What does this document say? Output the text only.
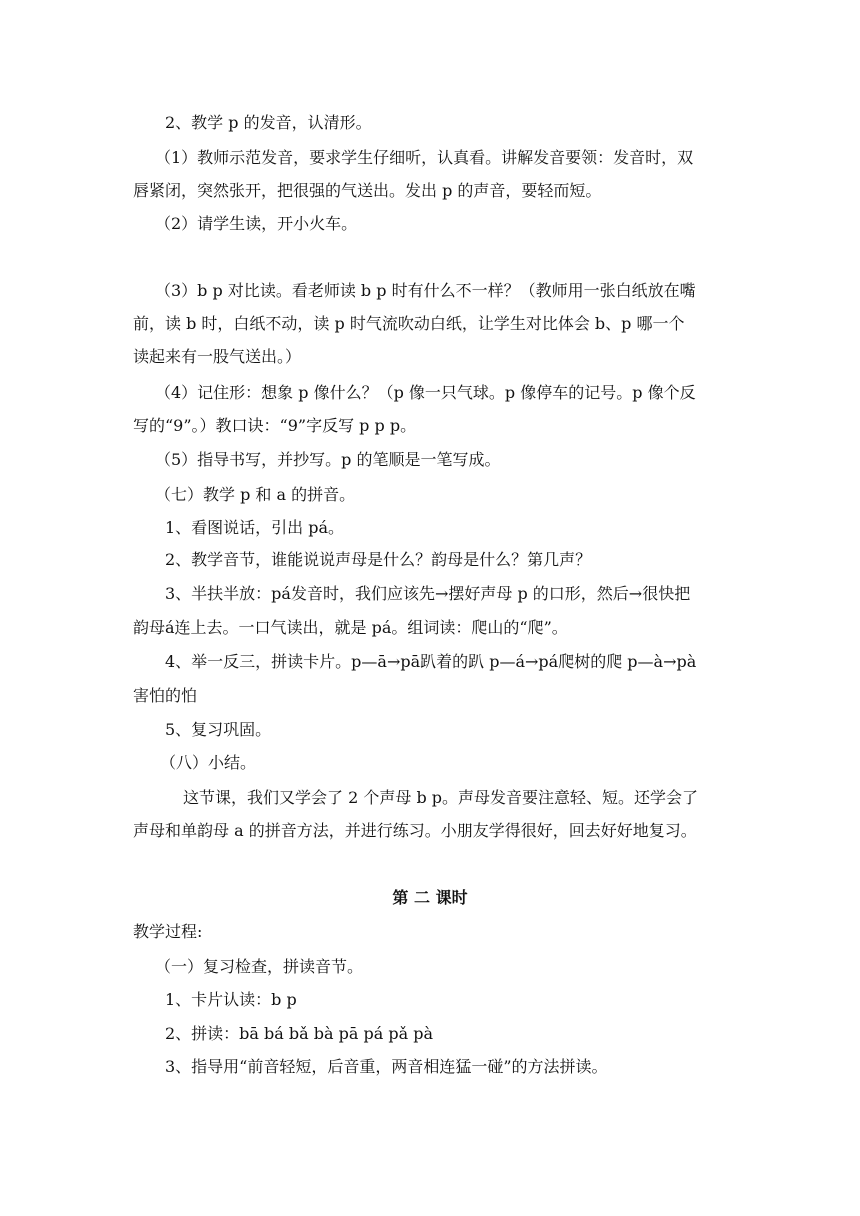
2、教学 p 的发音，认清形。
（1）教师示范发音，要求学生仔细听，认真看。讲解发音要领：发音时，双
唇紧闭，突然张开，把很强的气送出。发出 p 的声音，要轻而短。
（2）请学生读，开小火车。
（3）b p 对比读。看老师读 b p 时有什么不一样？（教师用一张白纸放在嘴
前，读 b 时，白纸不动，读 p 时气流吹动白纸，让学生对比体会 b、p 哪一个
读起来有一股气送出。）
（4）记住形：想象 p 像什么？（p 像一只气球。p 像停车的记号。p 像个反
写的“9”。）教口诀：“9”字反写 p p p。
（5）指导书写，并抄写。p 的笔顺是一笔写成。
（七）教学 p 和 a 的拼音。
1、看图说话，引出 pá。
2、教学音节，谁能说说声母是什么？韵母是什么？第几声？
3、半扶半放：pá发音时，我们应该先→摆好声母 p 的口形，然后→很快把
韵母á连上去。一口气读出，就是 pá。组词读：爬山的“爬”。
4、举一反三，拼读卡片。p—ā→pā趴着的趴 p—á→pá爬树的爬 p—à→pà
害怕的怕
5、复习巩固。
（八）小结。
这节课，我们又学会了 2 个声母 b p。声母发音要注意轻、短。还学会了
声母和单韵母 a 的拼音方法，并进行练习。小朋友学得很好，回去好好地复习。
第 二 课时
教学过程:
（一）复习检查，拼读音节。
1、卡片认读：b p
2、拼读：bā bá bǎ bà pā pá pǎ pà
3、指导用“前音轻短，后音重，两音相连猛一碰”的方法拼读。
